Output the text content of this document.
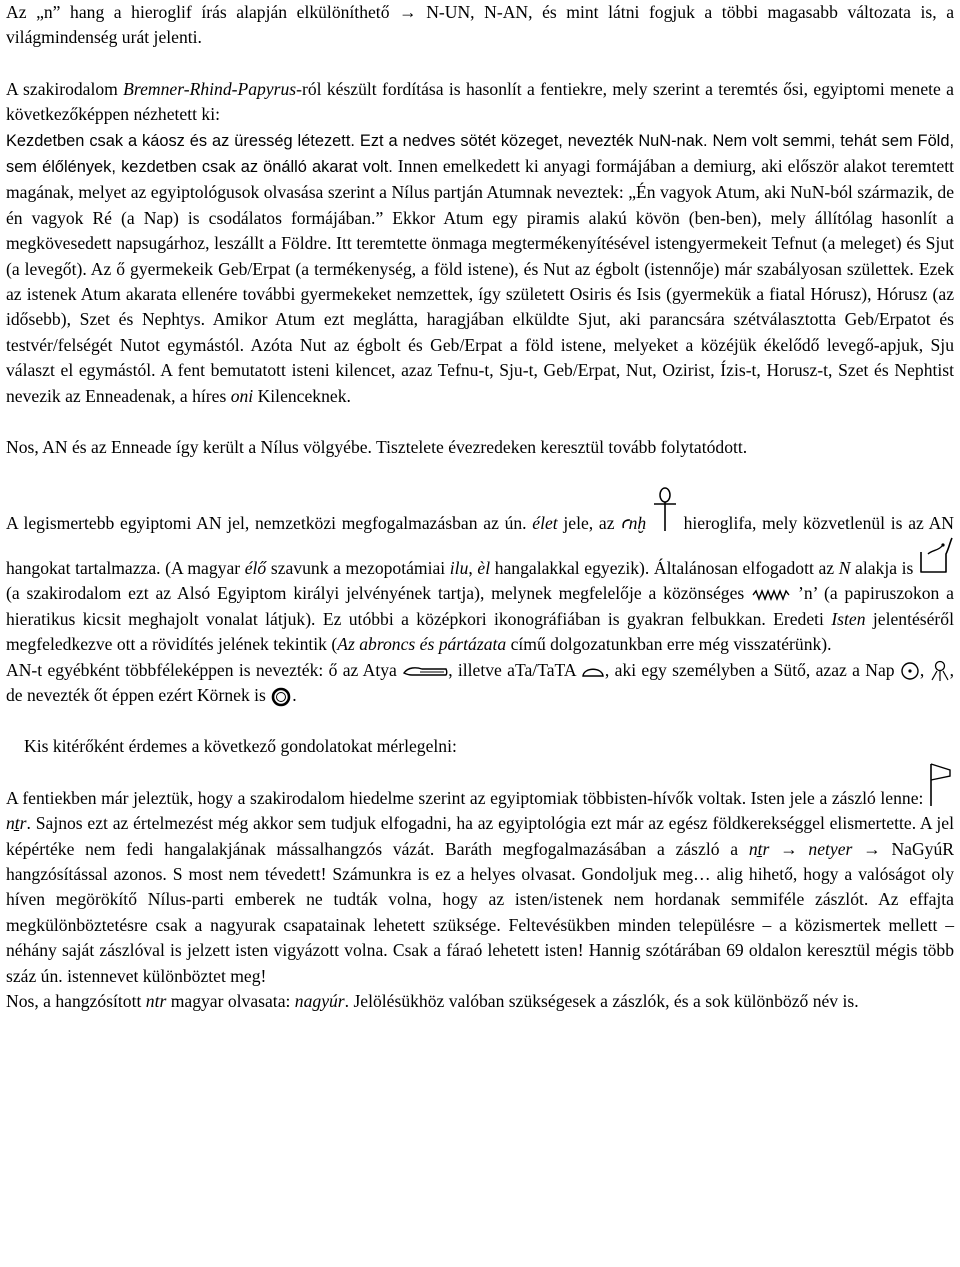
Az „n” hang a hieroglif írás alapján elkülöníthető → N-UN, N-AN, és mint látni fogjuk a többi magasabb változata is, a világmindenség urát jelenti.

A szakirodalom Bremner-Rhind-Papyrus-ról készült fordítása is hasonlít a fentiekre, mely szerint a teremtés ősi, egyiptomi menete a következőképpen nézhetett ki:

Kezdetben csak a káosz és az üresség létezett. Ezt a nedves sötét közeget, nevezték NuN-nak. Nem volt semmi, tehát sem Föld, sem élőlények, kezdetben csak az önálló akarat volt. Innen emelkedett ki anyagi formájában a demiurg, aki először alakot teremtett magának, melyet az egyiptológusok olvasása szerint a Nílus partján Atumnak neveztek: „Én vagyok Atum, aki NuN-ból származik, de én vagyok Ré (a Nap) is csodálatos formájában.” Ekkor Atum egy piramis alakú kövön (ben-ben), mely állítólag hasonlít a megkövesedett napsugárhoz, leszállt a Földre. Itt teremtette önmaga megtermékenyítésével istengyermekeit Tefnut (a meleget) és Sjut (a levegőt). Az ő gyermekeik Geb/Erpat (a termékenység, a föld istene), és Nut az égbolt (istennője) már szabályosan születtek. Ezek az istenek Atum akarata ellenére további gyermekeket nemzettek, így született Osiris és Isis (gyermekük a fiatal Hórusz), Hórusz (az idősebb), Szet és Nephtys. Amikor Atum ezt meglátta, haragjában elküldte Sjut, aki parancsára szétválasztotta Geb/Erpatot és testvér/felségét Nutot egymástól. Azóta Nut az égbolt és Geb/Erpat a föld istene, melyeket a közéjük ékelődő levegő-apjuk, Sju választ el egymástól. A fent bemutatott isteni kilencet, azaz Tefnu-t, Sju-t, Geb/Erpat, Nut, Ozirist, Ízis-t, Horusz-t, Szet és Nephtist nevezik az Enneadenak, a híres oni Kilenceknek.

Nos, AN és az Enneade így került a Nílus völgyébe. Tisztelete évezredeken keresztül tovább folytatódott.

A legismertebb egyiptomi AN jel, nemzetközi megfogalmazásban az ún. élet jele, az ꜥnḫ
hieroglifa, mely közvetlenül is az AN hangokat tartalmazza. (A magyar élő szavunk a mezopotámiai ilu, èl hangalakkal egyezik). Általánosan elfogadott az N alakja is
(a szakirodalom ezt az Alsó Egyiptom királyi jelvényének tartja), melynek megfelelője a közönséges
’n’ (a papiruszokon a hieratikus kicsit meghajolt vonalat látjuk). Ez utóbbi a középkori ikonográfiában is gyakran felbukkan. Eredeti Isten jelentéséről megfeledkezve ott a rövidítés jelének tekintik (Az abroncs és pártázata című dolgozatunkban erre még visszatérünk).

AN-t egyébként többféleképpen is nevezték: ő az Atya	, illetve aTa/TaTA
, aki egy személyben a Sütő, azaz a Nap
, , de nevezték őt éppen ezért Körnek is
.

Kis kitérőként érdemes a következő gondolatokat mérlegelni:

A fentiekben már jeleztük, hogy a szakirodalom hiedelme szerint az egyiptomiak többisten-hívők voltak. Isten jele a zászló lenne:
nṯr. Sajnos ezt az értelmezést még akkor sem tudjuk elfogadni, ha az egyiptológia ezt már az egész földkerekséggel elismertette. A jel képértéke nem fedi hangalakjának mássalhangzós vázát. Baráth megfogalmazásában a zászló a nṯr → netyer → NaGyúR hangzósítással azonos. S most nem tévedett! Számunkra is ez a helyes olvasat. Gondoljuk meg… alig hihető, hogy a valóságot oly híven megörökítő Nílus-parti emberek ne tudták volna, hogy az isten/istenek nem hordanak semmiféle zászlót. Az effajta megkülönböztetésre csak a nagyurak csapatainak lehetett szüksége. Feltevésükben minden településre – a közismertek mellett – néhány saját zászlóval is jelzett isten vigyázott volna. Csak a fáraó lehetett isten! Hannig szótárában 69 oldalon keresztül mégis több száz ún. istennevet különböztet meg!

Nos, a hangzósított ntr magyar olvasata: nagyúr. Jelölésükhöz valóban szükségesek a zászlók, és a sok különböző név is.
